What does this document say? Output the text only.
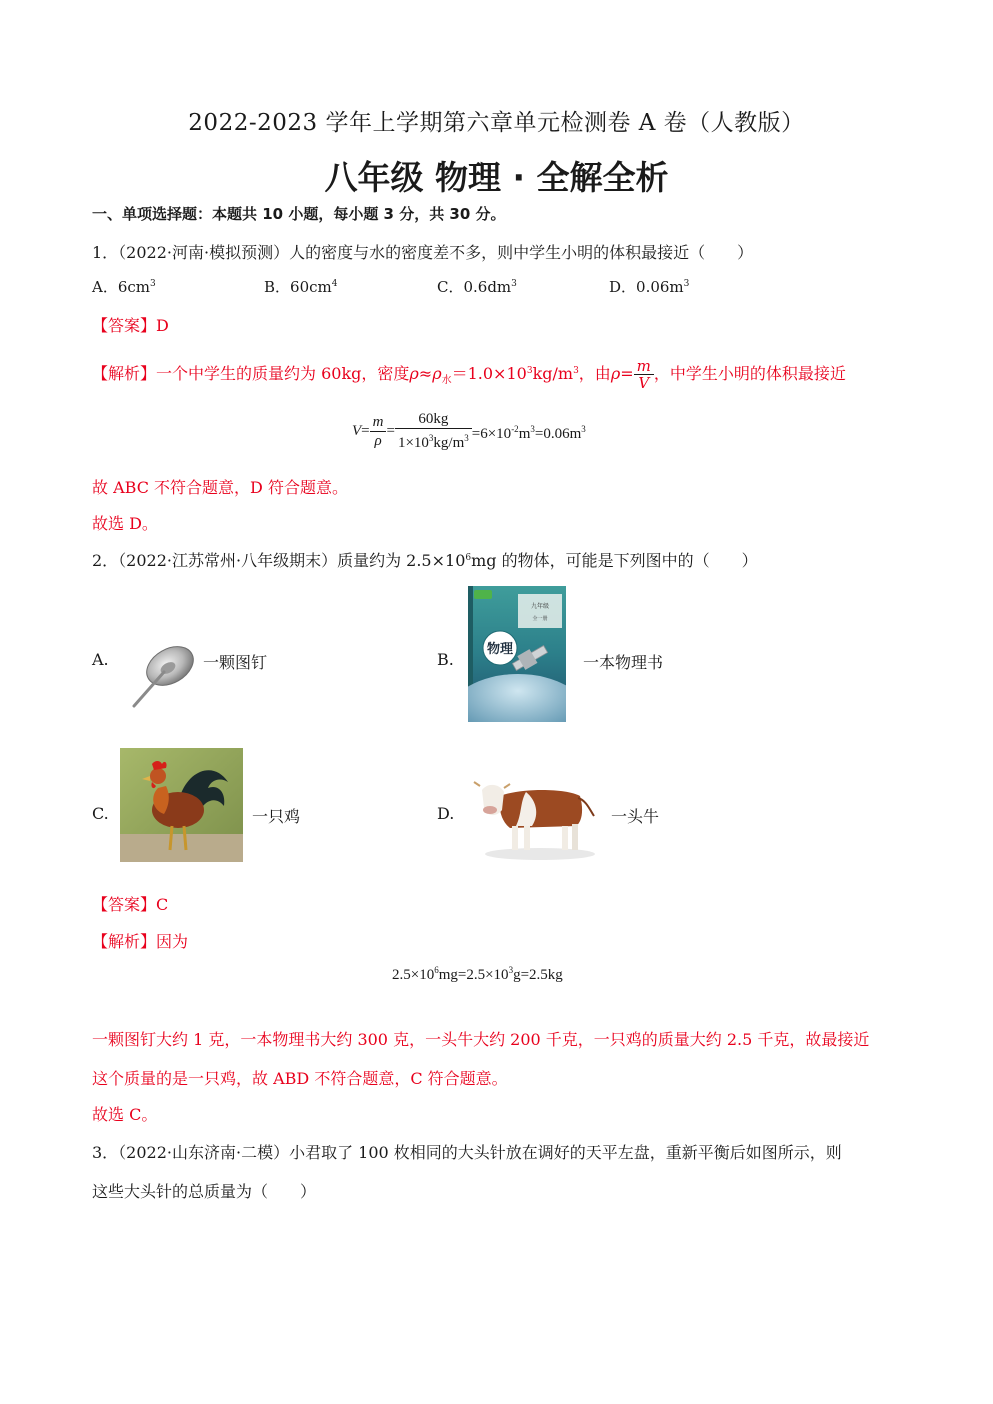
2022-2023 学年上学期第六章单元检测卷 A 卷（人教版）
八年级 物理 · 全解全析
一、单项选择题：本题共 10 小题，每小题 3 分，共 30 分。
1．（2022·河南·模拟预测）人的密度与水的密度差不多，则中学生小明的体积最接近（　　）
A．$6cm^3$	B．$60cm^4$	C．$0.6dm^3$	D．$0.06m^3$
【答案】D
【解析】一个中学生的质量约为 60kg，密度$\rho\approx\rho_水=1.0\times 10^3kg/m^3$，由$\rho= \frac{m}{V}$ ，中学生小明的体积最接近
$V= \frac{m}{\rho} = \frac{60kg}{1\times 10^3kg/m^3} =6\times 10^{-2}m^3=0.06m^3$
故 ABC 不符合题意，D 符合题意。
故选 D。
2．（2022·江苏常州·八年级期末）质量约为 $2.5\times 10^6mg$ 的物体，可能是下列图中的（　　）
A.	一颗图钉	B.
九年级
全一册
物理
一本物理书
C.	一只鸡	D.	一头牛
【答案】C
【解析】因为
$2.5\times 10^6mg=2.5\times 10^3g=2.5kg$
一颗图钉大约 1 克，一本物理书大约 300 克，一头牛大约 200 千克，一只鸡的质量大约 2.5 千克，故最接近
这个质量的是一只鸡，故 ABD 不符合题意，C 符合题意。
故选 C。
3．（2022·山东济南·二模）小君取了 100 枚相同的大头针放在调好的天平左盘，重新平衡后如图所示，则
这些大头针的总质量为（　　）
